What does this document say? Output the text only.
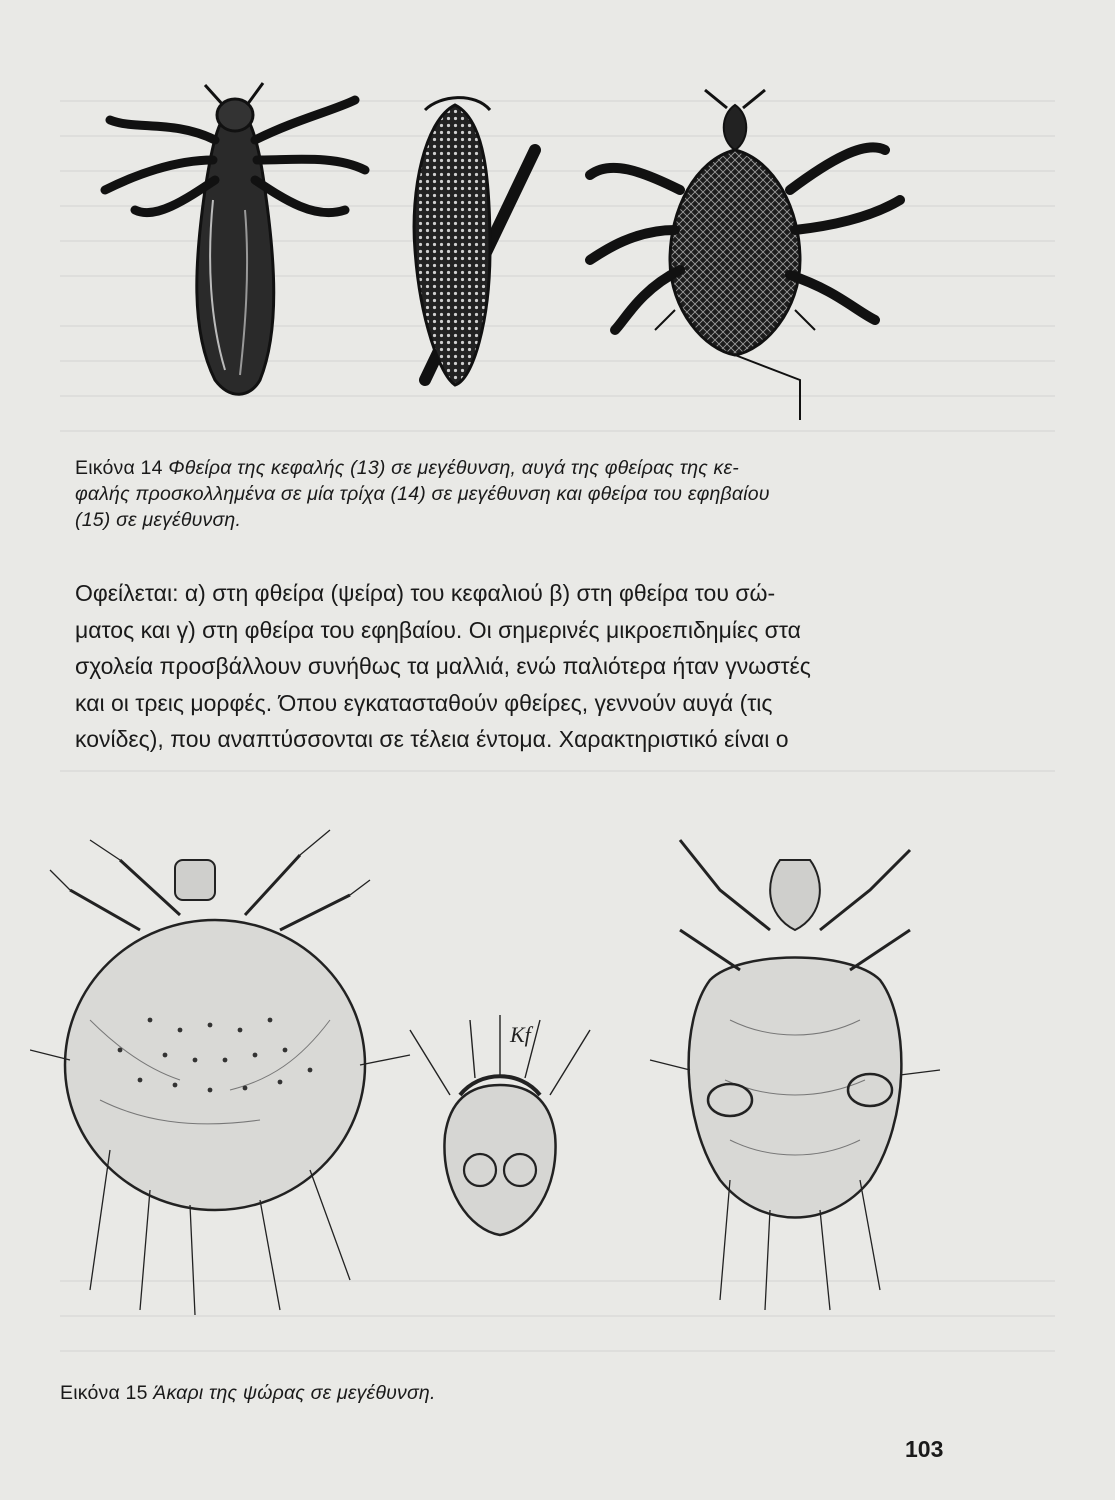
Εικόνα 14 Φθείρα της κεφαλής (13) σε μεγέθυνση, αυγά της φθείρας της κε-
φαλής προσκολλημένα σε μία τρίχα (14) σε μεγέθυνση και φθείρα του εφηβαίου
(15) σε μεγέθυνση.
Οφείλεται: α) στη φθείρα (ψείρα) του κεφαλιού β) στη φθείρα του σώ-
ματος και γ) στη φθείρα του εφηβαίου. Οι σημερινές μικροεπιδημίες στα
σχολεία προσβάλλουν συνήθως τα μαλλιά, ενώ παλιότερα ήταν γνωστές
και οι τρεις μορφές. Όπου εγκατασταθούν φθείρες, γεννούν αυγά (τις
κονίδες), που αναπτύσσονται σε τέλεια έντομα. Χαρακτηριστικό είναι ο
Kf
Εικόνα 15 Άκαρι της ψώρας σε μεγέθυνση.
103
